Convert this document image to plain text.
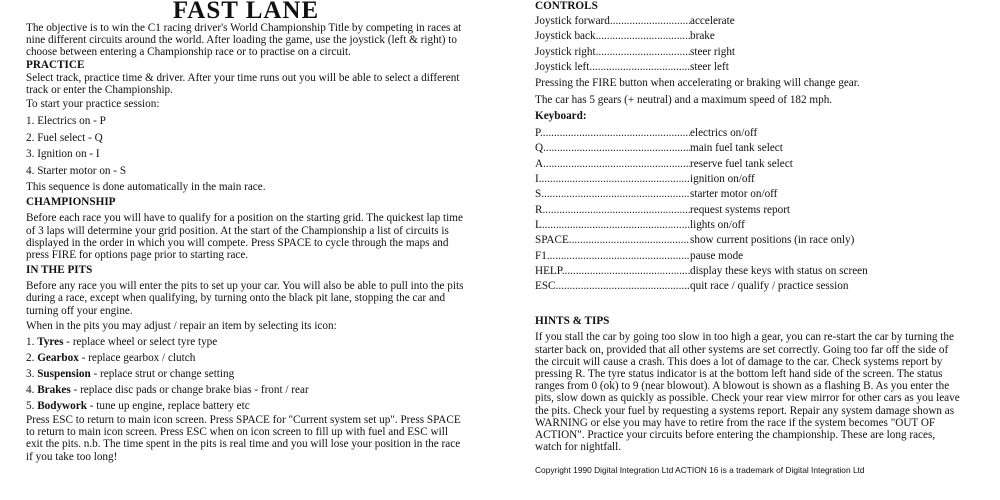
FAST LANE

The objective is to win the C1 racing driver's World Championship Title by competing in races at nine different circuits around the world. After loading the game, use the joystick (left & right) to choose between entering a Championship race or to practise on a circuit.

PRACTICE

Select track, practice time & driver. After your time runs out you will be able to select a different track or enter the Championship.

To start your practice session:

1. Electrics on - P

2. Fuel select - Q

3. Ignition on - I

4. Starter motor on - S

This sequence is done automatically in the main race.

CHAMPIONSHIP

Before each race you will have to qualify for a position on the starting grid. The quickest lap time of 3 laps will determine your grid position. At the start of the Championship a list of circuits is displayed in the order in which you will compete. Press SPACE to cycle through the maps and press FIRE for options page prior to starting race.

IN THE PITS

Before any race you will enter the pits to set up your car. You will also be able to pull into the pits during a race, except when qualifying, by turning onto the black pit lane, stopping the car and turning off your engine.

When in the pits you may adjust / repair an item by selecting its icon:

1. Tyres - replace wheel or select tyre type

2. Gearbox - replace gearbox / clutch

3. Suspension - replace strut or change setting

4. Brakes - replace disc pads or change brake bias - front / rear

5. Bodywork - tune up engine, replace battery etc

Press ESC to return to main icon screen. Press SPACE for "Current system set up". Press SPACE to return to main icon screen. Press ESC when on icon screen to fill up with fuel and ESC will exit the pits. n.b. The time spent in the pits is real time and you will lose your position in the race if you take too long!

CONTROLS
Joystick forward .....	accelerate
Joystick back .....	brake
Joystick right .....	steer right
Joystick left .....	steer left

Pressing the FIRE button when accelerating or braking will change gear.

The car has 5 gears (+ neutral) and a maximum speed of 182 mph.

Keyboard:
P .....	electrics on/off
Q .....	main fuel tank select
A .....	reserve fuel tank select
I .....	ignition on/off
S .....	starter motor on/off
R .....	request systems report
L .....	lights on/off
SPACE .....	show current positions (in race only)
F1 .....	pause mode
HELP .....	display these keys with status on screen
ESC .....	quit race / qualify / practice session
HINTS & TIPS

If you stall the car by going too slow in too high a gear, you can re-start the car by turning the starter back on, provided that all other systems are set correctly. Going too far off the side of the circuit will cause a crash. This does a lot of damage to the car. Check systems report by pressing R. The tyre status indicator is at the bottom left hand side of the screen. The status ranges from 0 (ok) to 9 (near blowout). A blowout is shown as a flashing B. As you enter the pits, slow down as quickly as possible. Check your rear view mirror for other cars as you leave the pits. Check your fuel by requesting a systems report. Repair any system damage shown as WARNING or else you may have to retire from the race if the system becomes "OUT OF ACTION". Practice your circuits before entering the championship. These are long races, watch for nightfall.

Copyright 1990 Digital Integration Ltd ACTION 16 is a trademark of Digital Integration Ltd
